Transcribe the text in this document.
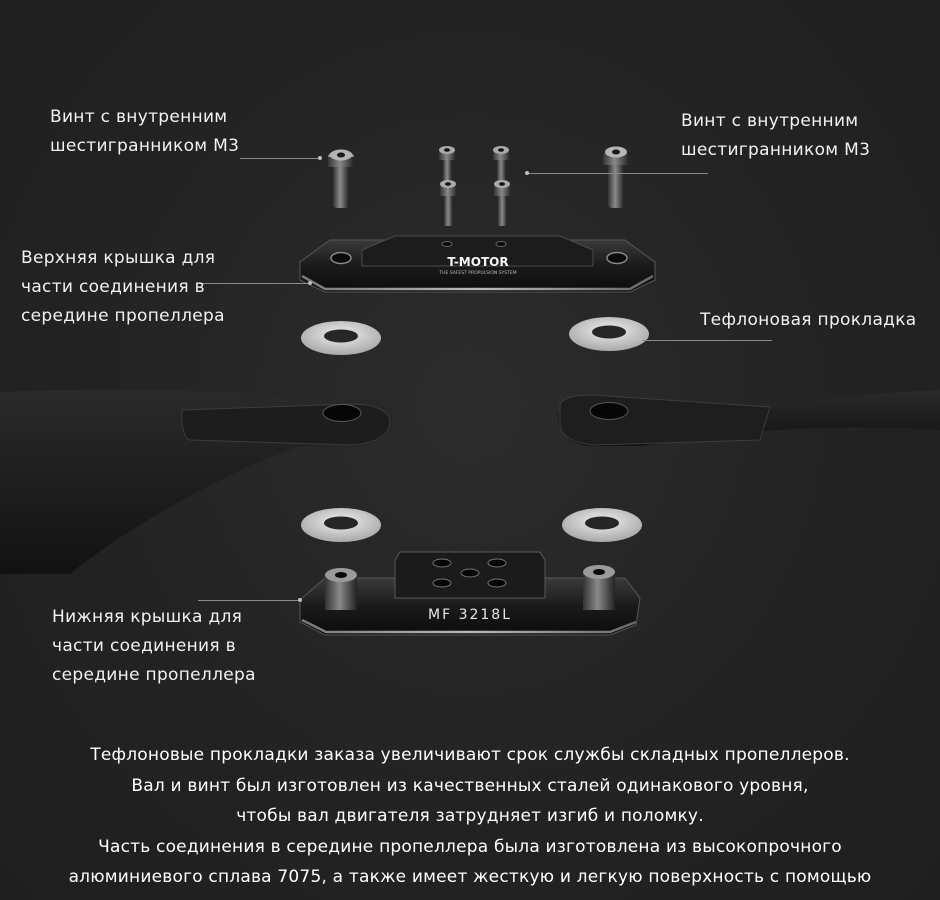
T-MOTOR
THE SAFEST PROPULSION SYSTEM
MF 3218L
Винт с внутренним
шестигранником М3
Винт с внутренним
шестигранником М3
Верхняя крышка для
части соединения в
середине пропеллера	Тефлоновая прокладка
Нижняя крышка для
части соединения в
середине пропеллера
Тефлоновые прокладки заказа увеличивают срок службы складных пропеллеров.
Вал и винт был изготовлен из качественных сталей одинакового уровня,
чтобы вал двигателя затрудняет изгиб и поломку.
Часть соединения в середине пропеллера была изготовлена из высокопрочного
алюминиевого сплава 7075, а также имеет жесткую и легкую поверхность с помощью
